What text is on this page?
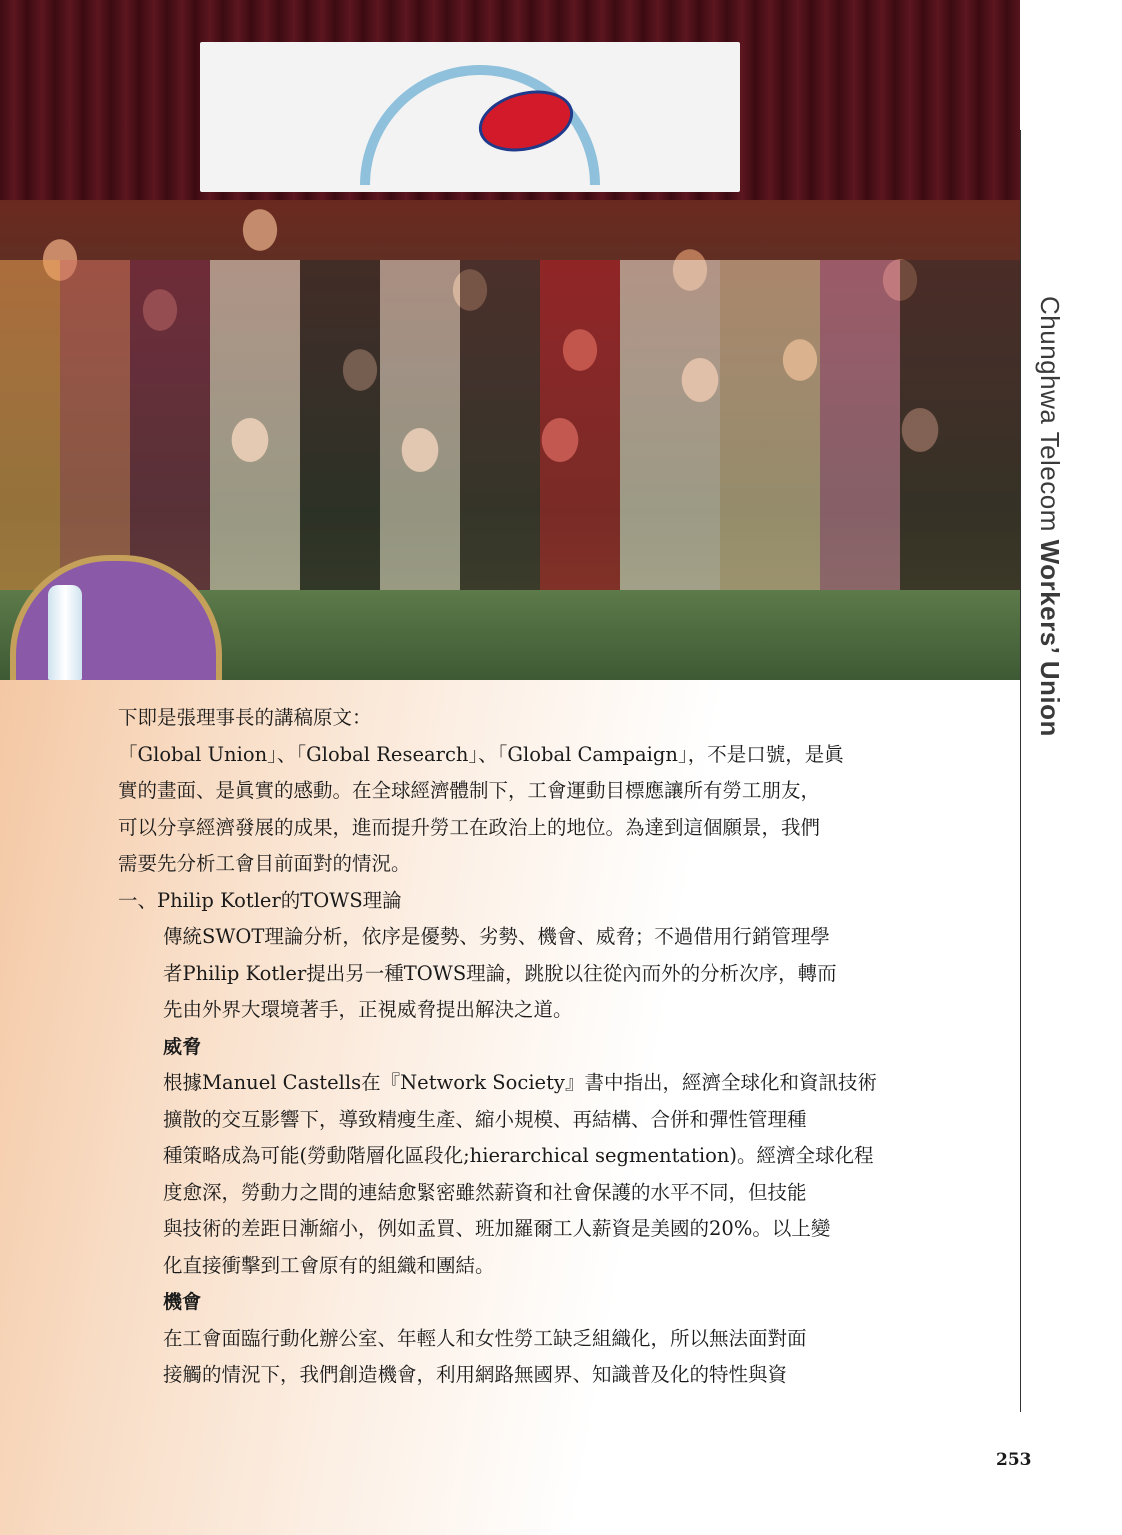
Chunghwa Telecom Workers’ Union

下即是張理事長的講稿原文：

「Global Union」、「Global Research」、「Global Campaign」，不是口號，是眞

實的畫面、是眞實的感動。在全球經濟體制下，工會運動目標應讓所有勞工朋友，

可以分享經濟發展的成果，進而提升勞工在政治上的地位。為達到這個願景，我們

需要先分析工會目前面對的情況。

一、Philip Kotler的TOWS理論

傳統SWOT理論分析，依序是優勢、劣勢、機會、威脅；不過借用行銷管理學

者Philip Kotler提出另一種TOWS理論，跳脫以往從內而外的分析次序，轉而

先由外界大環境著手，正視威脅提出解決之道。

威脅

根據Manuel Castells在『Network Society』書中指出，經濟全球化和資訊技術

擴散的交互影響下，導致精瘦生產、縮小規模、再結構、合併和彈性管理種

種策略成為可能(勞動階層化區段化;hierarchical segmentation)。經濟全球化程

度愈深，勞動力之間的連結愈緊密雖然薪資和社會保護的水平不同，但技能

與技術的差距日漸縮小，例如孟買、班加羅爾工人薪資是美國的20%。以上變

化直接衝擊到工會原有的組織和團結。

機會

在工會面臨行動化辦公室、年輕人和女性勞工缺乏組織化，所以無法面對面

接觸的情況下，我們創造機會，利用網路無國界、知識普及化的特性與資

253
